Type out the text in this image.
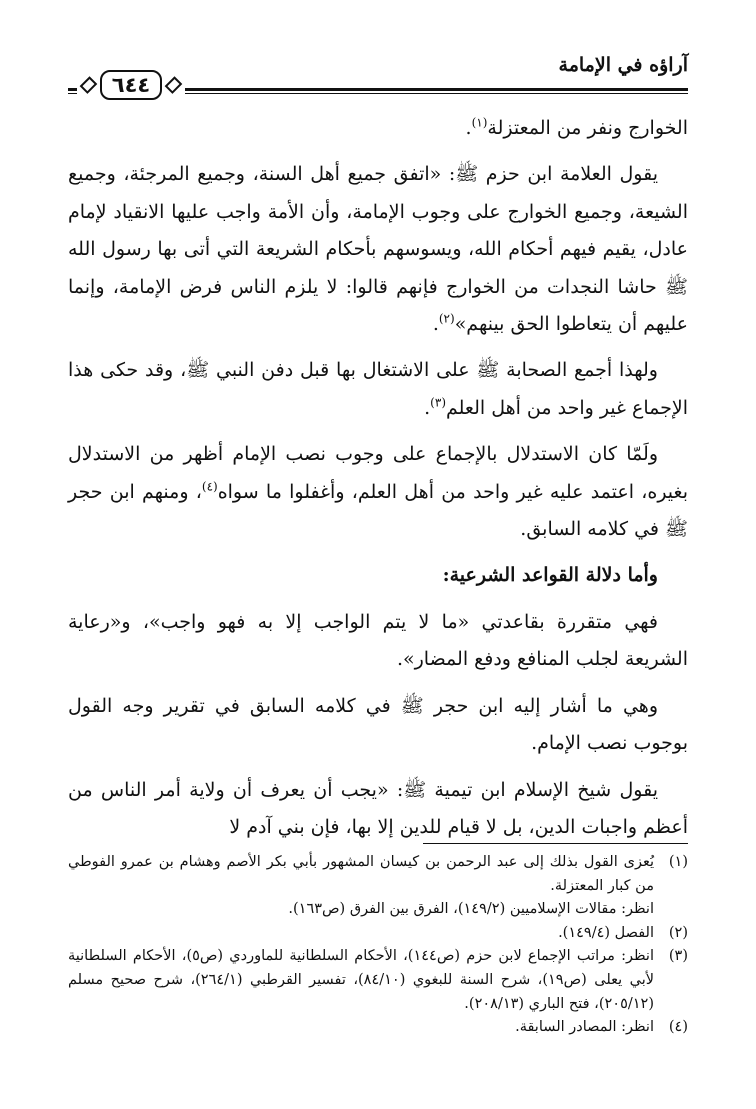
آراؤه في الإمامة
٦٤٤

الخوارج ونفر من المعتزلة$^{(١)}$.

يقول العلامة ابن حزم ﷺ: «اتفق جميع أهل السنة، وجميع المرجئة، وجميع الشيعة، وجميع الخوارج على وجوب الإمامة، وأن الأمة واجب عليها الانقياد لإمام عادل، يقيم فيهم أحكام الله، ويسوسهم بأحكام الشريعة التي أتى بها رسول الله ﷺ حاشا النجدات من الخوارج فإنهم قالوا: لا يلزم الناس فرض الإمامة، وإنما عليهم أن يتعاطوا الحق بينهم»$^{(٢)}$.

ولهذا أجمع الصحابة ﷺ على الاشتغال بها قبل دفن النبي ﷺ، وقد حكى هذا الإجماع غير واحد من أهل العلم$^{(٣)}$.

ولَمّا كان الاستدلال بالإجماع على وجوب نصب الإمام أظهر من الاستدلال بغيره، اعتمد عليه غير واحد من أهل العلم، وأغفلوا ما سواه$^{(٤)}$، ومنهم ابن حجر ﷺ في كلامه السابق.

وأما دلالة القواعد الشرعية:

فهي متقررة بقاعدتي «ما لا يتم الواجب إلا به فهو واجب»، و«رعاية الشريعة لجلب المنافع ودفع المضار».

وهي ما أشار إليه ابن حجر ﷺ في كلامه السابق في تقرير وجه القول بوجوب نصب الإمام.

يقول شيخ الإسلام ابن تيمية ﷺ: «يجب أن يعرف أن ولاية أمر الناس من أعظم واجبات الدين، بل لا قيام للدين إلا بها، فإن بني آدم لا

(١)
يُعزى القول بذلك إلى عبد الرحمن بن كيسان المشهور بأبي بكر الأصم وهشام بن عمرو الفوطي من كبار المعتزلة.
انظر: مقالات الإسلاميين (١٤٩/٢)، الفرق بين الفرق (ص١٦٣).
(٢)
الفصل (١٤٩/٤).
(٣)
انظر: مراتب الإجماع لابن حزم (ص١٤٤)، الأحكام السلطانية للماوردي (ص٥)، الأحكام السلطانية لأبي يعلى (ص١٩)، شرح السنة للبغوي (٨٤/١٠)، تفسير القرطبي (٢٦٤/١)، شرح صحيح مسلم (٢٠٥/١٢)، فتح الباري (٢٠٨/١٣).
(٤)
انظر: المصادر السابقة.
